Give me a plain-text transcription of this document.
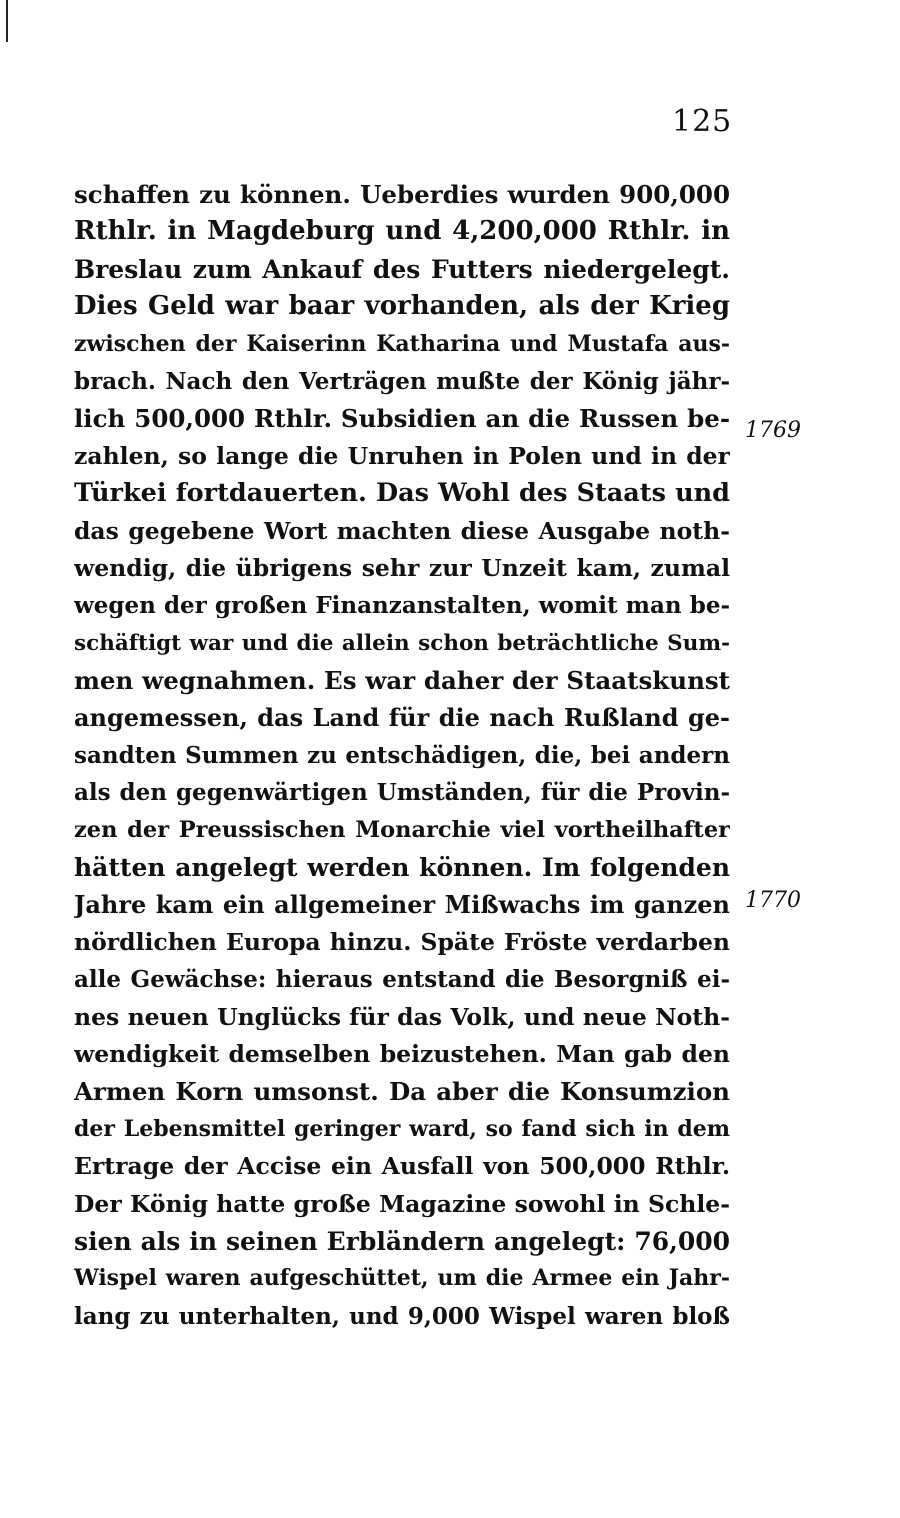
125
schaffen zu können. Ueberdies wurden 900,000
Rthlr. in Magdeburg und 4,200,000 Rthlr. in
Breslau zum Ankauf des Futters niedergelegt.
Dies Geld war baar vorhanden, als der Krieg
zwischen der Kaiserinn Katharina und Mustafa aus-
brach. Nach den Verträgen mußte der König jähr-
lich 500,000 Rthlr. Subsidien an die Russen be-
zahlen, so lange die Unruhen in Polen und in der
Türkei fortdauerten. Das Wohl des Staats und
das gegebene Wort machten diese Ausgabe noth-
wendig, die übrigens sehr zur Unzeit kam, zumal
wegen der großen Finanzanstalten, womit man be-
schäftigt war und die allein schon beträchtliche Sum-
men wegnahmen. Es war daher der Staatskunst
angemessen, das Land für die nach Rußland ge-
sandten Summen zu entschädigen, die, bei andern
als den gegenwärtigen Umständen, für die Provin-
zen der Preussischen Monarchie viel vortheilhafter
hätten angelegt werden können. Im folgenden
Jahre kam ein allgemeiner Mißwachs im ganzen
nördlichen Europa hinzu. Späte Fröste verdarben
alle Gewächse: hieraus entstand die Besorgniß ei-
nes neuen Unglücks für das Volk, und neue Noth-
wendigkeit demselben beizustehen. Man gab den
Armen Korn umsonst. Da aber die Konsumzion
der Lebensmittel geringer ward, so fand sich in dem
Ertrage der Accise ein Ausfall von 500,000 Rthlr.
Der König hatte große Magazine sowohl in Schle-
sien als in seinen Erbländern angelegt: 76,000
Wispel waren aufgeschüttet, um die Armee ein Jahr-
lang zu unterhalten, und 9,000 Wispel waren bloß
1769
1770
